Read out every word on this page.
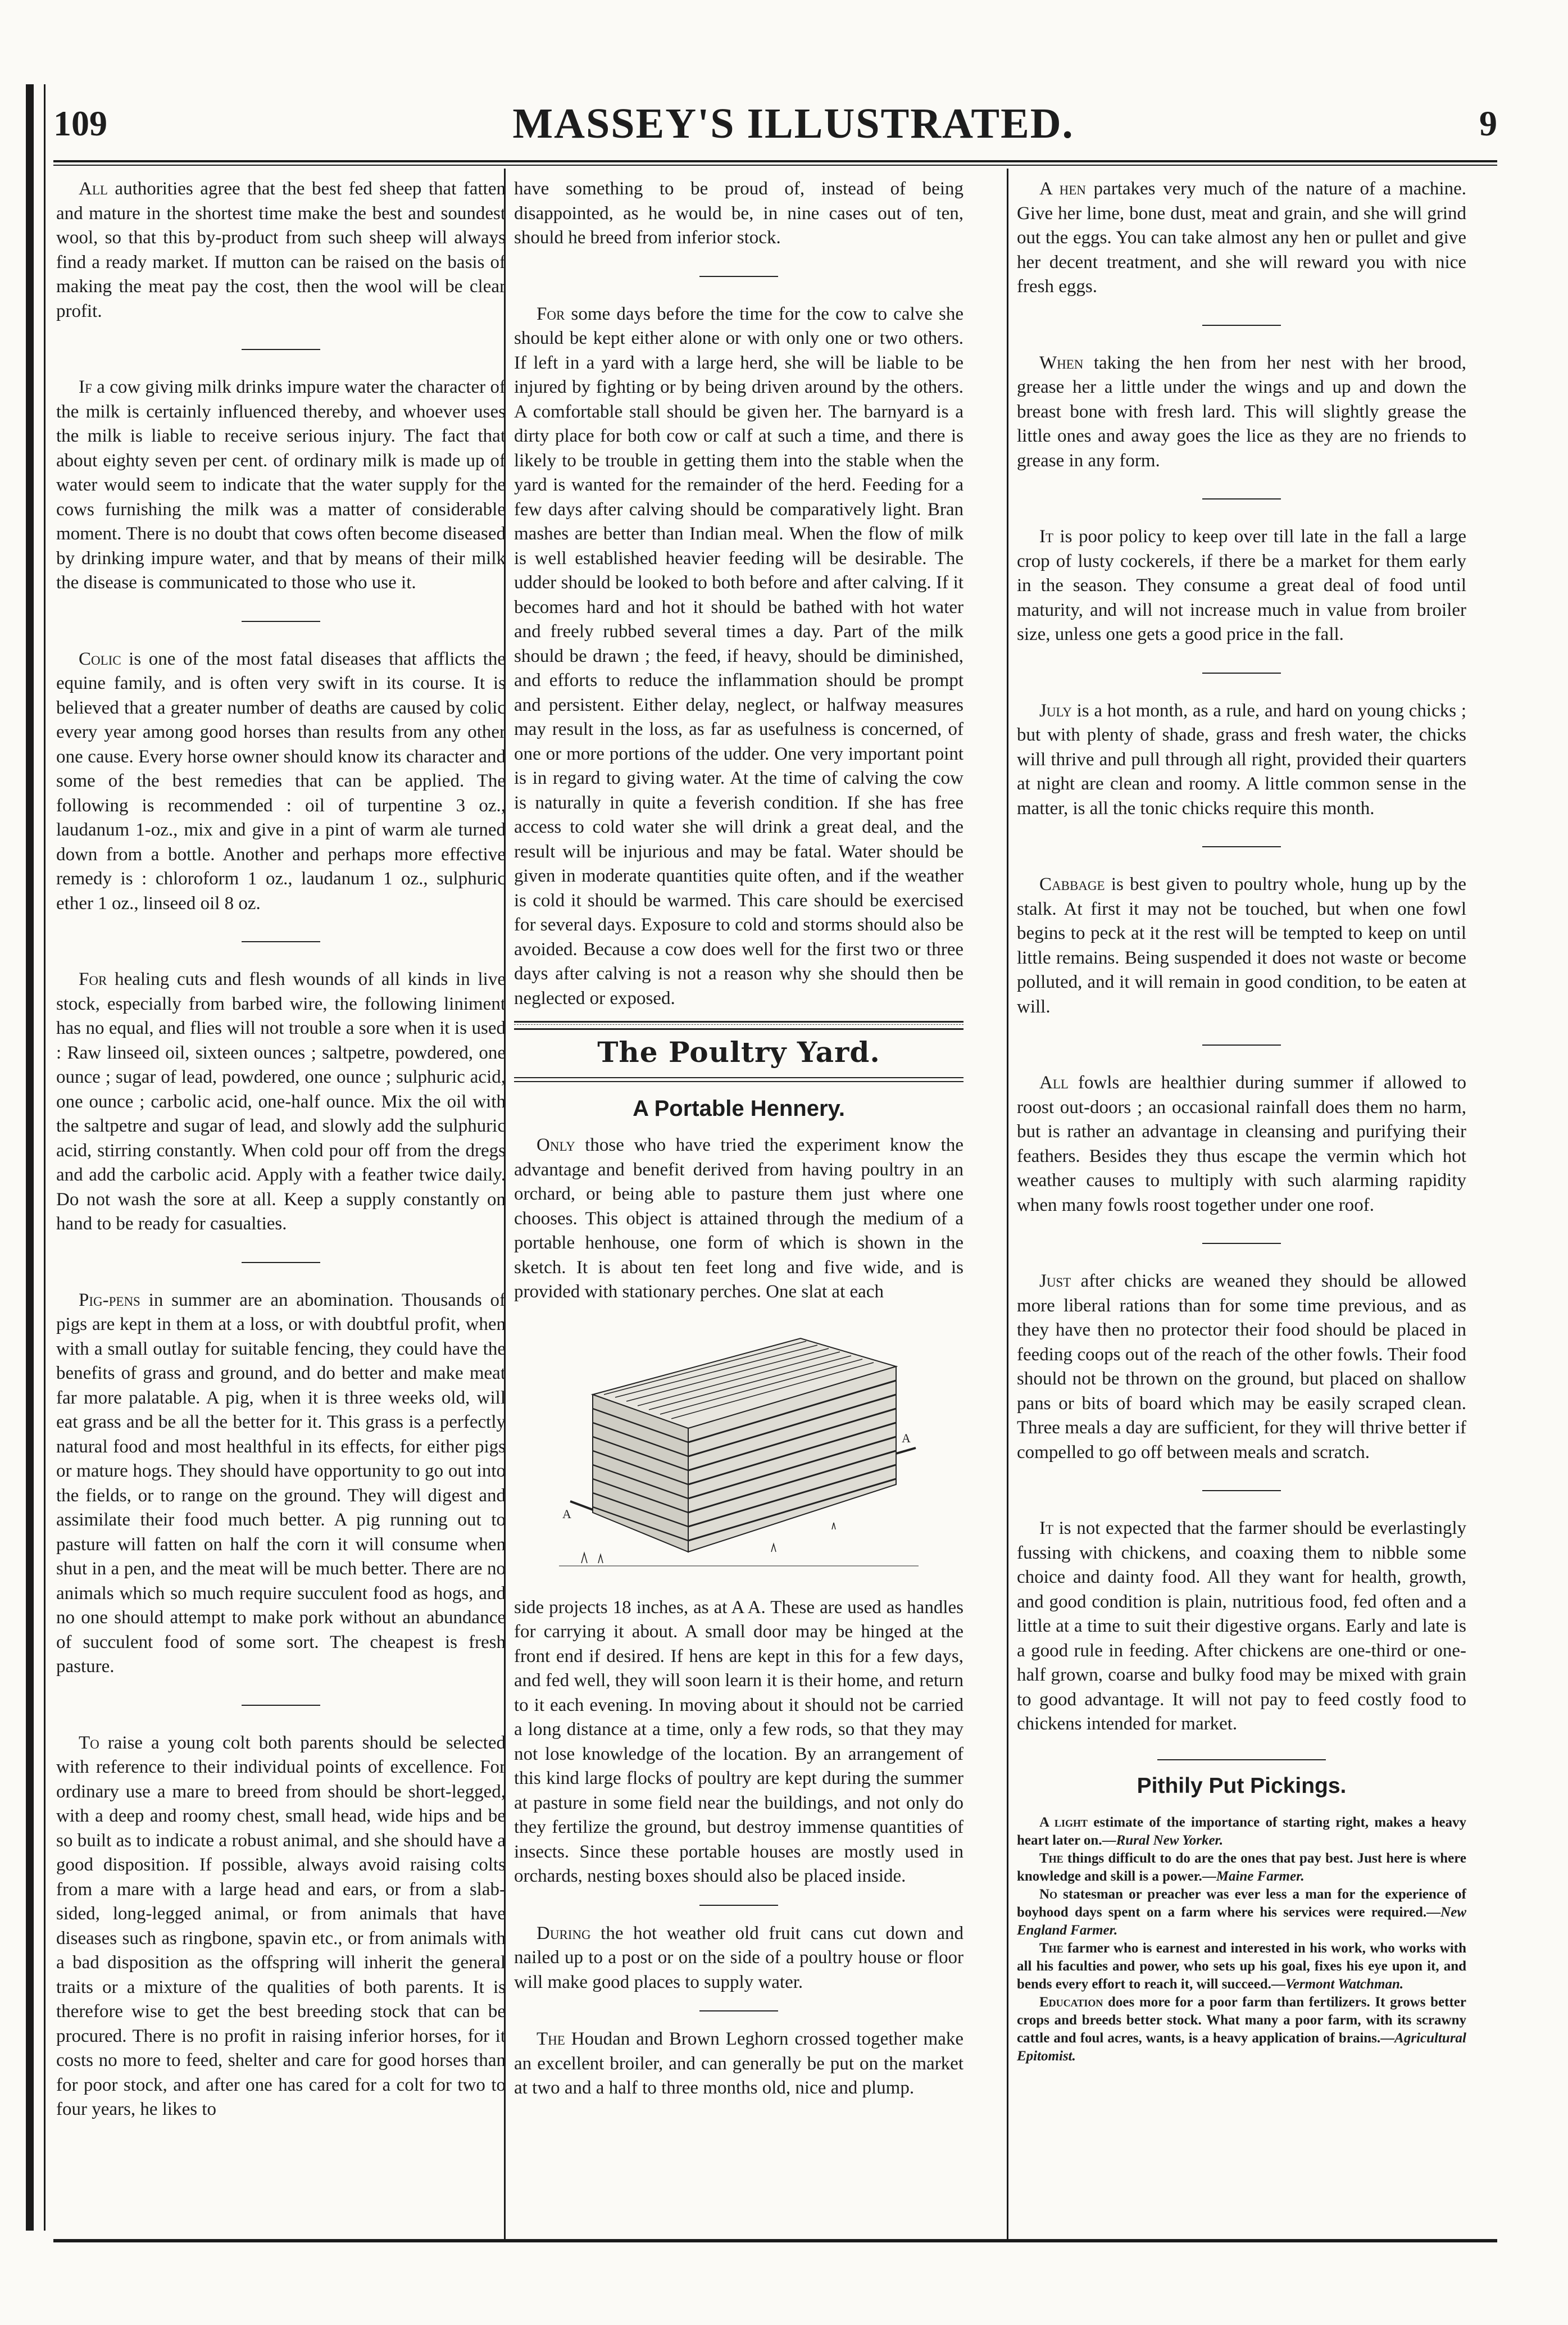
109	MASSEY'S ILLUSTRATED.	9

All authorities agree that the best fed sheep that fatten and mature in the shortest time make the best and soundest wool, so that this by-product from such sheep will always find a ready market. If mutton can be raised on the basis of making the meat pay the cost, then the wool will be clear profit.

If a cow giving milk drinks impure water the character of the milk is certainly influenced thereby, and whoever uses the milk is liable to receive serious injury. The fact that about eighty seven per cent. of ordinary milk is made up of water would seem to indicate that the water supply for the cows furnishing the milk was a matter of considerable moment. There is no doubt that cows often become diseased by drinking impure water, and that by means of their milk the disease is communicated to those who use it.

Colic is one of the most fatal diseases that afflicts the equine family, and is often very swift in its course. It is believed that a greater number of deaths are caused by colic every year among good horses than results from any other one cause. Every horse owner should know its character and some of the best remedies that can be applied. The following is recommended : oil of turpentine 3 oz., laudanum 1-oz., mix and give in a pint of warm ale turned down from a bottle. Another and perhaps more effective remedy is : chloroform 1 oz., laudanum 1 oz., sulphuric ether 1 oz., linseed oil 8 oz.

For healing cuts and flesh wounds of all kinds in live stock, especially from barbed wire, the following liniment has no equal, and flies will not trouble a sore when it is used : Raw linseed oil, sixteen ounces ; saltpetre, powdered, one ounce ; sugar of lead, powdered, one ounce ; sulphuric acid, one ounce ; carbolic acid, one-half ounce. Mix the oil with the saltpetre and sugar of lead, and slowly add the sulphuric acid, stirring constantly. When cold pour off from the dregs and add the carbolic acid. Apply with a feather twice daily. Do not wash the sore at all. Keep a supply constantly on hand to be ready for casualties.

Pig-pens in summer are an abomination. Thousands of pigs are kept in them at a loss, or with doubtful profit, when with a small outlay for suitable fencing, they could have the benefits of grass and ground, and do better and make meat far more palatable. A pig, when it is three weeks old, will eat grass and be all the better for it. This grass is a perfectly natural food and most healthful in its effects, for either pigs or mature hogs. They should have opportunity to go out into the fields, or to range on the ground. They will digest and assimilate their food much better. A pig running out to pasture will fatten on half the corn it will consume when shut in a pen, and the meat will be much better. There are no animals which so much require succulent food as hogs, and no one should attempt to make pork without an abundance of succulent food of some sort. The cheapest is fresh pasture.

To raise a young colt both parents should be selected with reference to their individual points of excellence. For ordinary use a mare to breed from should be short-legged, with a deep and roomy chest, small head, wide hips and be so built as to indicate a robust animal, and she should have a good disposition. If possible, always avoid raising colts from a mare with a large head and ears, or from a slab-sided, long-legged animal, or from animals that have diseases such as ringbone, spavin etc., or from animals with a bad disposition as the offspring will inherit the general traits or a mixture of the qualities of both parents. It is therefore wise to get the best breeding stock that can be procured. There is no profit in raising inferior horses, for it costs no more to feed, shelter and care for good horses than for poor stock, and after one has cared for a colt for two to four years, he likes to

have something to be proud of, instead of being disappointed, as he would be, in nine cases out of ten, should he breed from inferior stock.

For some days before the time for the cow to calve she should be kept either alone or with only one or two others. If left in a yard with a large herd, she will be liable to be injured by fighting or by being driven around by the others. A comfortable stall should be given her. The barnyard is a dirty place for both cow or calf at such a time, and there is likely to be trouble in getting them into the stable when the yard is wanted for the remainder of the herd. Feeding for a few days after calving should be comparatively light. Bran mashes are better than Indian meal. When the flow of milk is well established heavier feeding will be desirable. The udder should be looked to both before and after calving. If it becomes hard and hot it should be bathed with hot water and freely rubbed several times a day. Part of the milk should be drawn ; the feed, if heavy, should be diminished, and efforts to reduce the inflammation should be prompt and persistent. Either delay, neglect, or halfway measures may result in the loss, as far as usefulness is concerned, of one or more portions of the udder. One very important point is in regard to giving water. At the time of calving the cow is naturally in quite a feverish condition. If she has free access to cold water she will drink a great deal, and the result will be injurious and may be fatal. Water should be given in moderate quantities quite often, and if the weather is cold it should be warmed. This care should be exercised for several days. Exposure to cold and storms should also be avoided. Because a cow does well for the first two or three days after calving is not a reason why she should then be neglected or exposed.

The Poultry Yard.
A Portable Hennery.

Only those who have tried the experiment know the advantage and benefit derived from having poultry in an orchard, or being able to pasture them just where one chooses. This object is attained through the medium of a portable henhouse, one form of which is shown in the sketch. It is about ten feet long and five wide, and is provided with stationary perches. One slat at each

A
A

side projects 18 inches, as at A A. These are used as handles for carrying it about. A small door may be hinged at the front end if desired. If hens are kept in this for a few days, and fed well, they will soon learn it is their home, and return to it each evening. In moving about it should not be carried a long distance at a time, only a few rods, so that they may not lose knowledge of the location. By an arrangement of this kind large flocks of poultry are kept during the summer at pasture in some field near the buildings, and not only do they fertilize the ground, but destroy immense quantities of insects. Since these portable houses are mostly used in orchards, nesting boxes should also be placed inside.

During the hot weather old fruit cans cut down and nailed up to a post or on the side of a poultry house or floor will make good places to supply water.

The Houdan and Brown Leghorn crossed together make an excellent broiler, and can generally be put on the market at two and a half to three months old, nice and plump.

A hen partakes very much of the nature of a machine. Give her lime, bone dust, meat and grain, and she will grind out the eggs. You can take almost any hen or pullet and give her decent treatment, and she will reward you with nice fresh eggs.

When taking the hen from her nest with her brood, grease her a little under the wings and up and down the breast bone with fresh lard. This will slightly grease the little ones and away goes the lice as they are no friends to grease in any form.

It is poor policy to keep over till late in the fall a large crop of lusty cockerels, if there be a market for them early in the season. They consume a great deal of food until maturity, and will not increase much in value from broiler size, unless one gets a good price in the fall.

July is a hot month, as a rule, and hard on young chicks ; but with plenty of shade, grass and fresh water, the chicks will thrive and pull through all right, provided their quarters at night are clean and roomy. A little common sense in the matter, is all the tonic chicks require this month.

Cabbage is best given to poultry whole, hung up by the stalk. At first it may not be touched, but when one fowl begins to peck at it the rest will be tempted to keep on until little remains. Being suspended it does not waste or become polluted, and it will remain in good condition, to be eaten at will.

All fowls are healthier during summer if allowed to roost out-doors ; an occasional rainfall does them no harm, but is rather an advantage in cleansing and purifying their feathers. Besides they thus escape the vermin which hot weather causes to multiply with such alarming rapidity when many fowls roost together under one roof.

Just after chicks are weaned they should be allowed more liberal rations than for some time previous, and as they have then no protector their food should be placed in feeding coops out of the reach of the other fowls. Their food should not be thrown on the ground, but placed on shallow pans or bits of board which may be easily scraped clean. Three meals a day are sufficient, for they will thrive better if compelled to go off between meals and scratch.

It is not expected that the farmer should be everlastingly fussing with chickens, and coaxing them to nibble some choice and dainty food. All they want for health, growth, and good condition is plain, nutritious food, fed often and a little at a time to suit their digestive organs. Early and late is a good rule in feeding. After chickens are one-third or one-half grown, coarse and bulky food may be mixed with grain to good advantage. It will not pay to feed costly food to chickens intended for market.

Pithily Put Pickings.

A light estimate of the importance of starting right, makes a heavy heart later on.—Rural New Yorker.

The things difficult to do are the ones that pay best. Just here is where knowledge and skill is a power.—Maine Farmer.

No statesman or preacher was ever less a man for the experience of boyhood days spent on a farm where his services were required.—New England Farmer.

The farmer who is earnest and interested in his work, who works with all his faculties and power, who sets up his goal, fixes his eye upon it, and bends every effort to reach it, will succeed.—Vermont Watchman.

Education does more for a poor farm than fertilizers. It grows better crops and breeds better stock. What many a poor farm, with its scrawny cattle and foul acres, wants, is a heavy application of brains.—Agricultural Epitomist.
